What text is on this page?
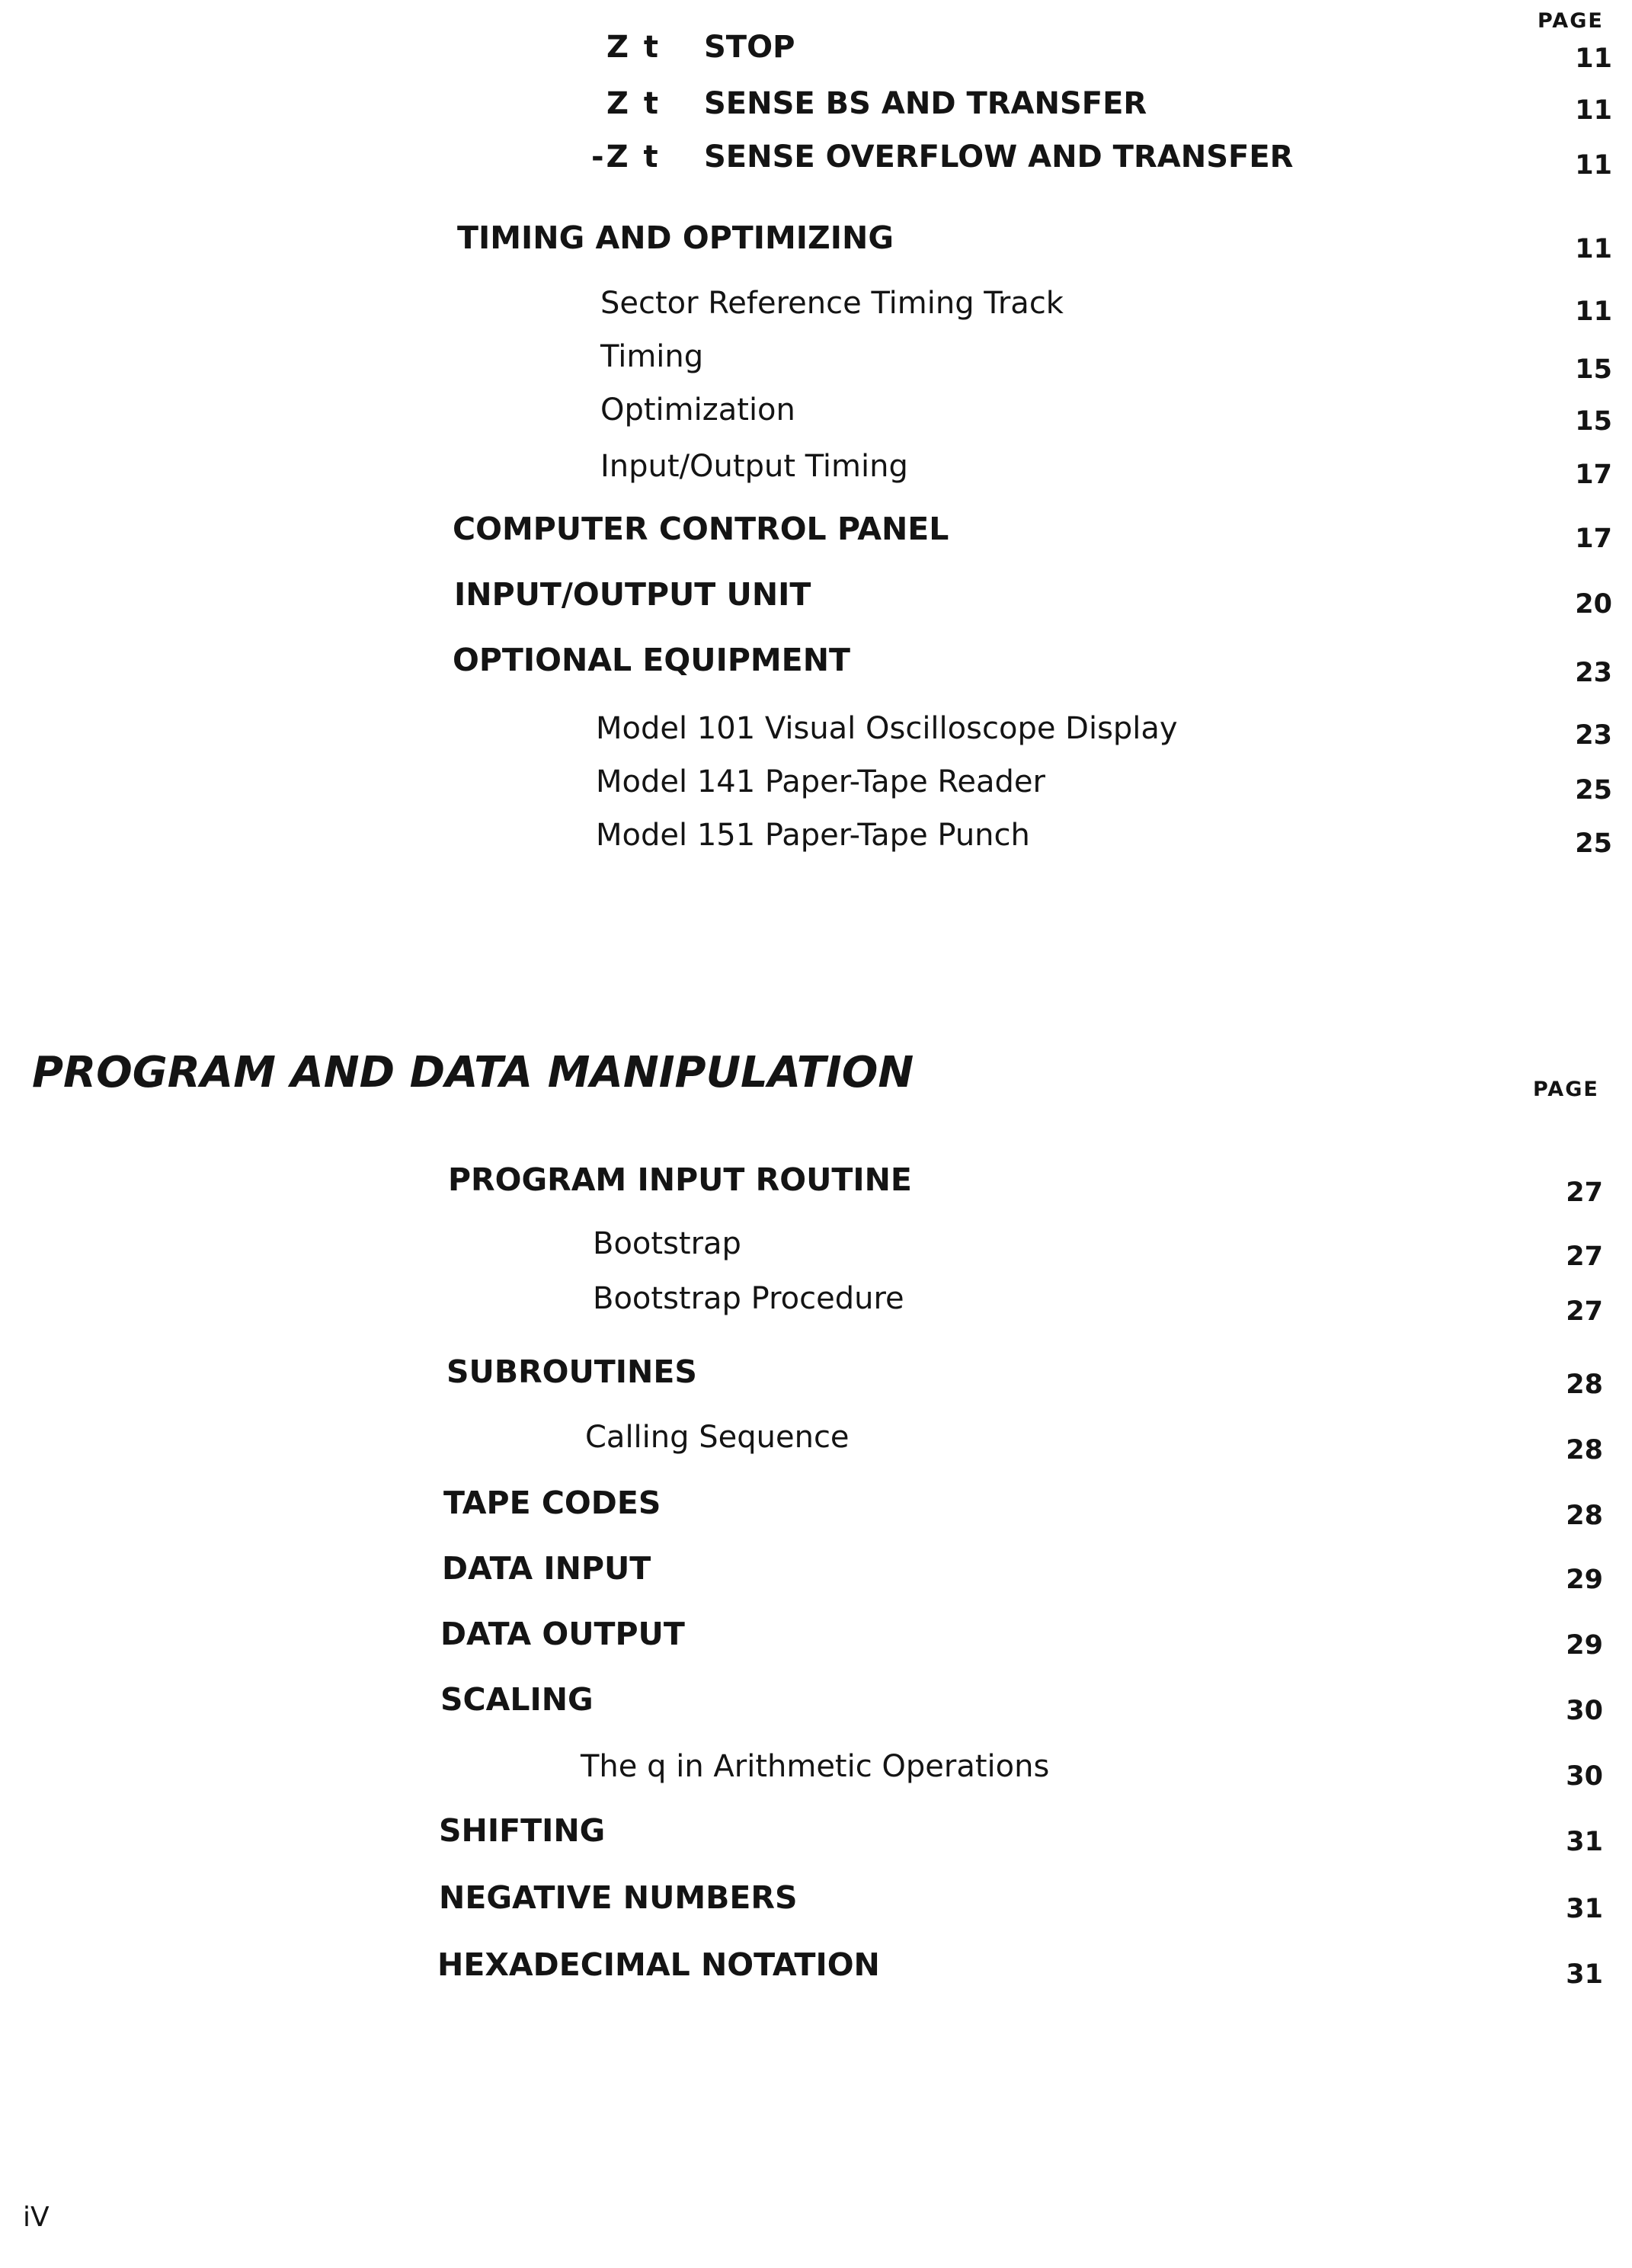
PAGE
Z t STOP	11
Z t SENSE BS AND TRANSFER	11
-Z t SENSE OVERFLOW AND TRANSFER	11
TIMING AND OPTIMIZING	11
Sector Reference Timing Track	11
Timing	15
Optimization	15
Input/Output Timing	17
COMPUTER CONTROL PANEL	17
INPUT/OUTPUT UNIT	20
OPTIONAL EQUIPMENT	23
Model 101 Visual Oscilloscope Display	23
Model 141 Paper-Tape Reader	25
Model 151 Paper-Tape Punch	25
PROGRAM AND DATA MANIPULATION	PAGE
PROGRAM INPUT ROUTINE	27
Bootstrap	27
Bootstrap Procedure	27
SUBROUTINES	28
Calling Sequence	28
TAPE CODES	28
DATA INPUT	29
DATA OUTPUT	29
SCALING	30
The q in Arithmetic Operations	30
SHIFTING	31
NEGATIVE NUMBERS	31
HEXADECIMAL NOTATION	31
iV
